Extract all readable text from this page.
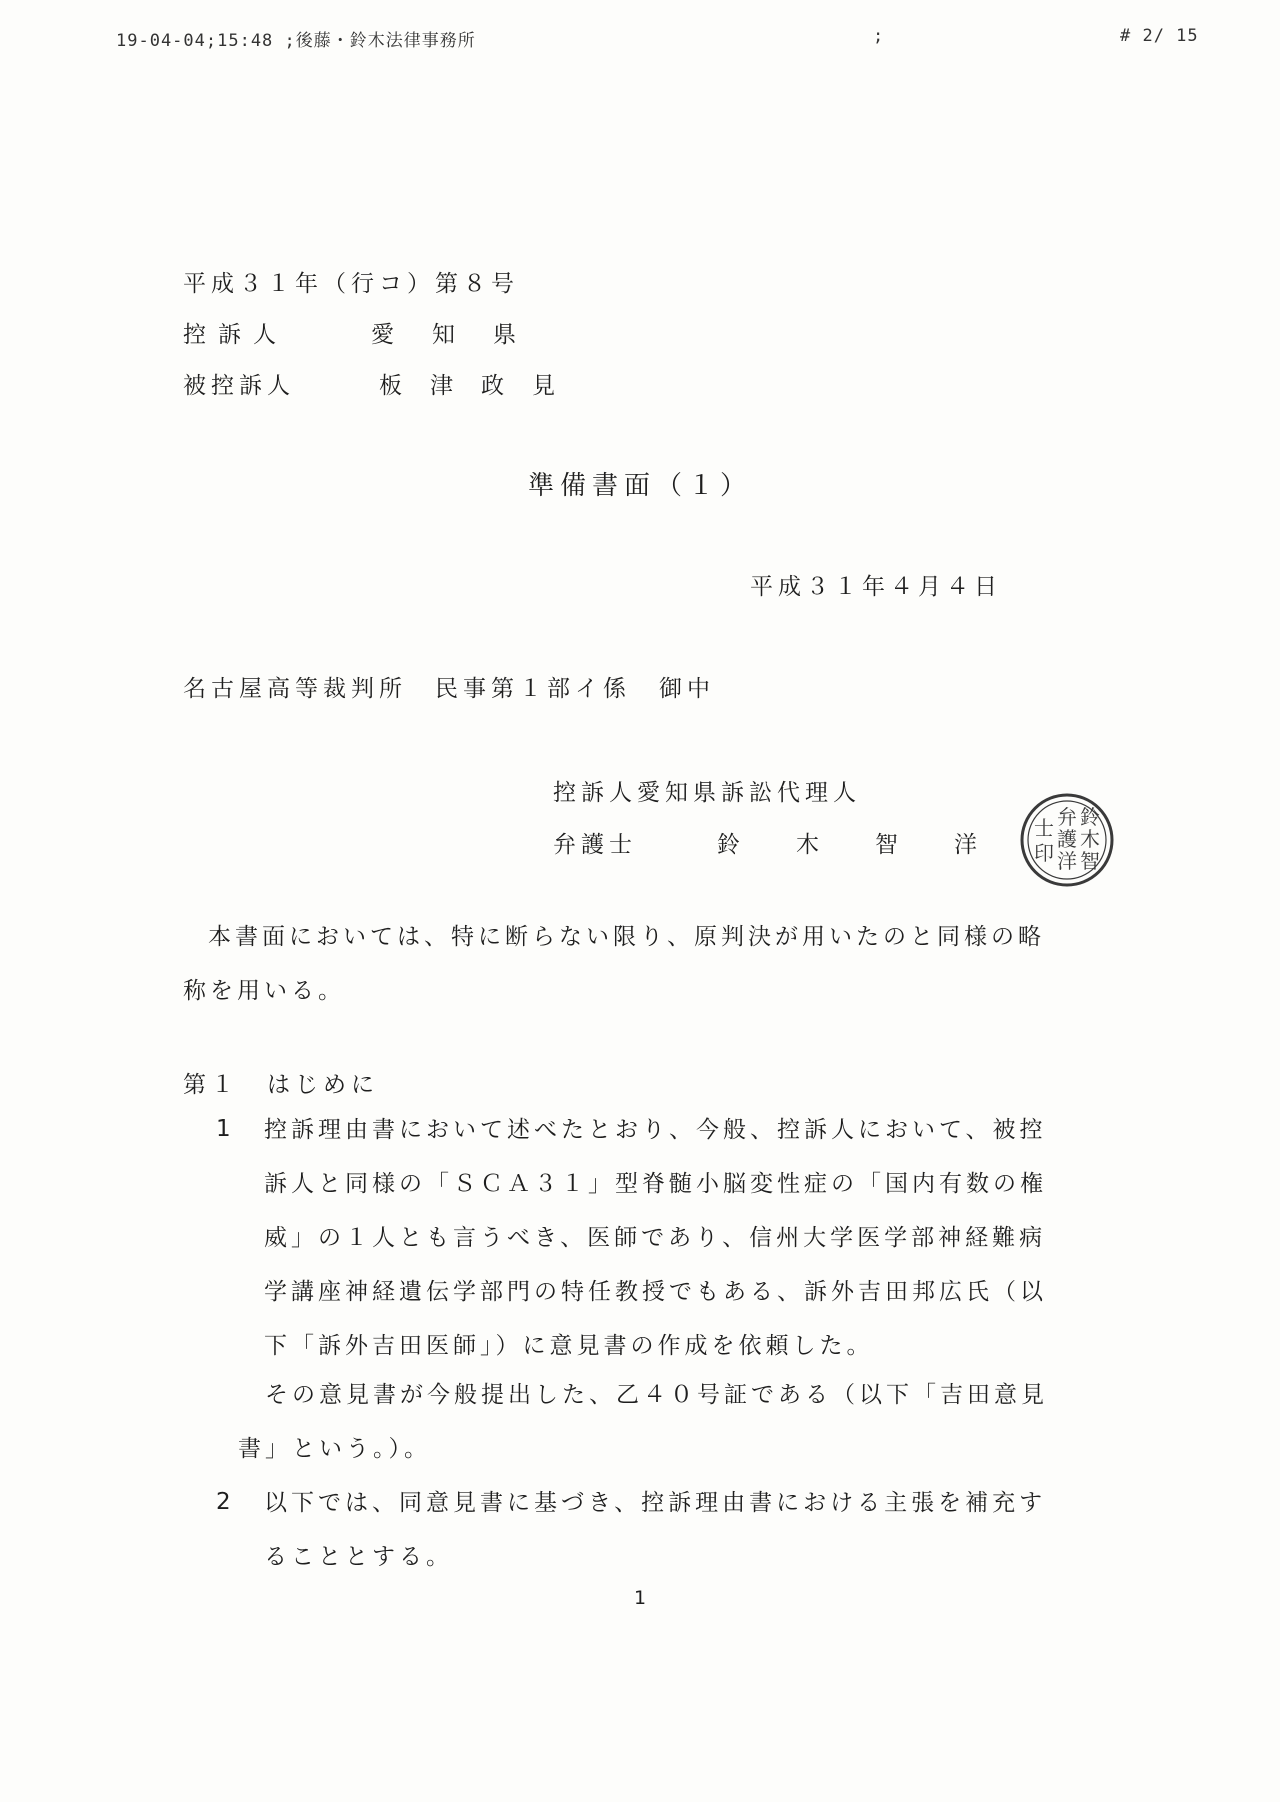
19-04-04;15:48 ;後藤・鈴木法律事務所	;	# 2/ 15
平成３１年（行コ）第８号
控訴人	愛知県
被控訴人	板津政見
準備書面（１）
平成３１年４月４日
名古屋高等裁判所　民事第１部イ係　御中
控訴人愛知県訴訟代理人
弁護士	鈴木智洋
鈴
木
智
弁
護
洋
士
印
本書面においては、特に断らない限り、原判決が用いたのと同様の略称を用いる。
第１　はじめに
1 控訴理由書において述べたとおり、今般、控訴人において、被控訴人と同様の「ＳＣＡ３１」型脊髄小脳変性症の「国内有数の権威」の１人とも言うべき、医師であり、信州大学医学部神経難病学講座神経遺伝学部門の特任教授でもある、訴外吉田邦広氏（以下「訴外吉田医師」）に意見書の作成を依頼した。
その意見書が今般提出した、乙４０号証である（以下「吉田意見書」という。）。
2 以下では、同意見書に基づき、控訴理由書における主張を補充することとする。
1
